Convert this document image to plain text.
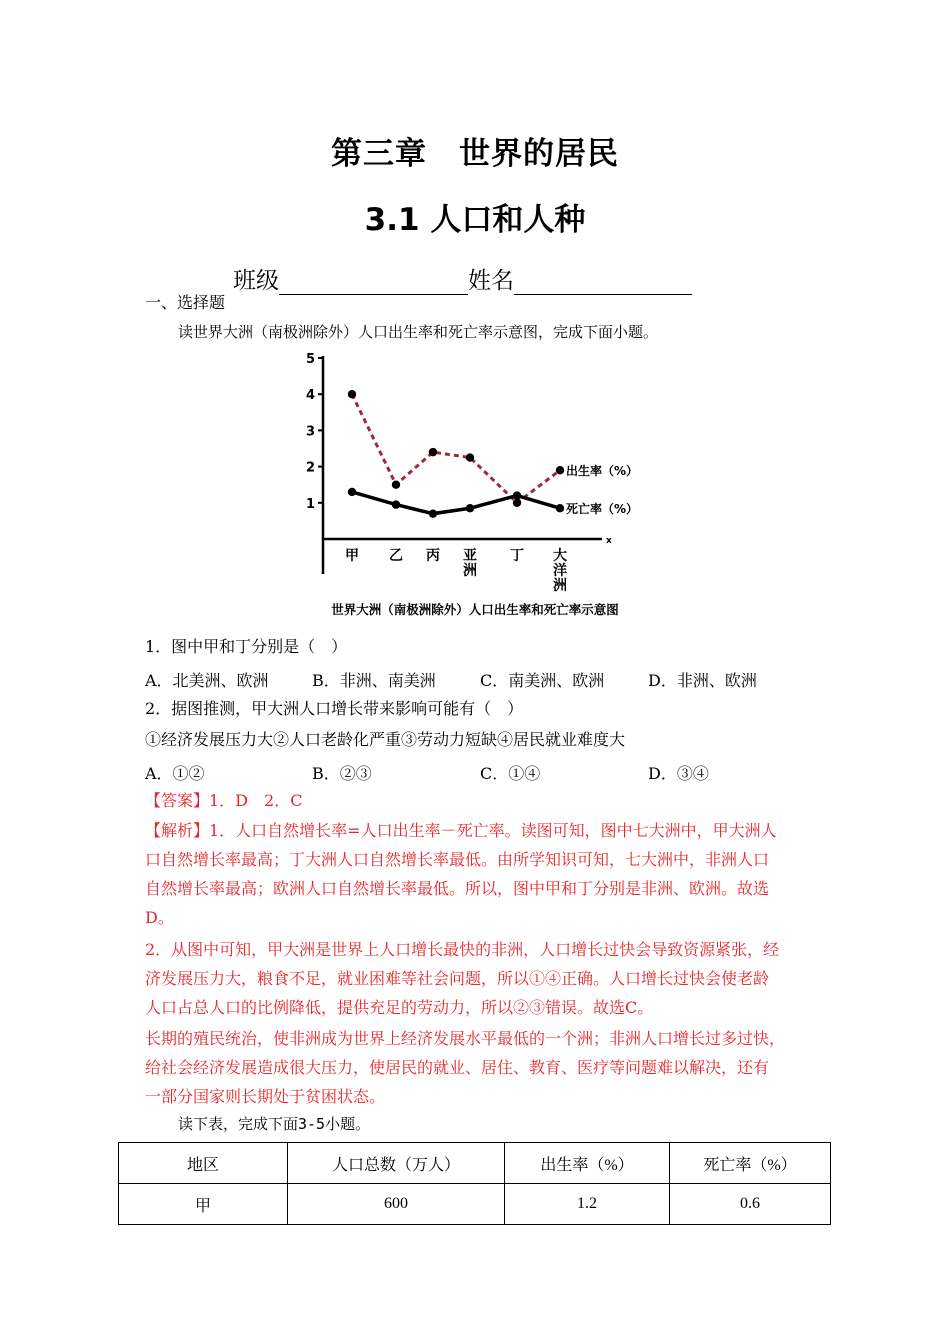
第三章　世界的居民
3.1 人口和人种
班级	姓名
一、选择题
读世界大洲（南极洲除外）人口出生率和死亡率示意图，完成下面小题。
x
1
2
3
4
5
甲 乙 丙 亚
洲
丁 大
洋
洲
出生率（%）
死亡率（%）
世界大洲（南极洲除外）人口出生率和死亡率示意图
1．图中甲和丁分别是（　）
A．北美洲、欧洲	B．非洲、南美洲	C．南美洲、欧洲	D．非洲、欧洲
2．据图推测，甲大洲人口增长带来影响可能有（　）
①经济发展压力大②人口老龄化严重③劳动力短缺④居民就业难度大
A．①②	B．②③	C．①④	D．③④
【答案】1．D　2．C
【解析】1．人口自然增长率=人口出生率－死亡率。读图可知，图中七大洲中，甲大洲人
口自然增长率最高；丁大洲人口自然增长率最低。由所学知识可知，七大洲中，非洲人口
自然增长率最高；欧洲人口自然增长率最低。所以，图中甲和丁分别是非洲、欧洲。故选
D。
2．从图中可知，甲大洲是世界上人口增长最快的非洲，人口增长过快会导致资源紧张，经
济发展压力大，粮食不足，就业困难等社会问题，所以①④正确。人口增长过快会使老龄
人口占总人口的比例降低，提供充足的劳动力，所以②③错误。故选C。
长期的殖民统治，使非洲成为世界上经济发展水平最低的一个洲；非洲人口增长过多过快，
给社会经济发展造成很大压力，使居民的就业、居住、教育、医疗等问题难以解决，还有
一部分国家则长期处于贫困状态。
读下表，完成下面3-5小题。
地区	人口总数（万人）	出生率（%）	死亡率（%）
甲	600	1.2	0.6
